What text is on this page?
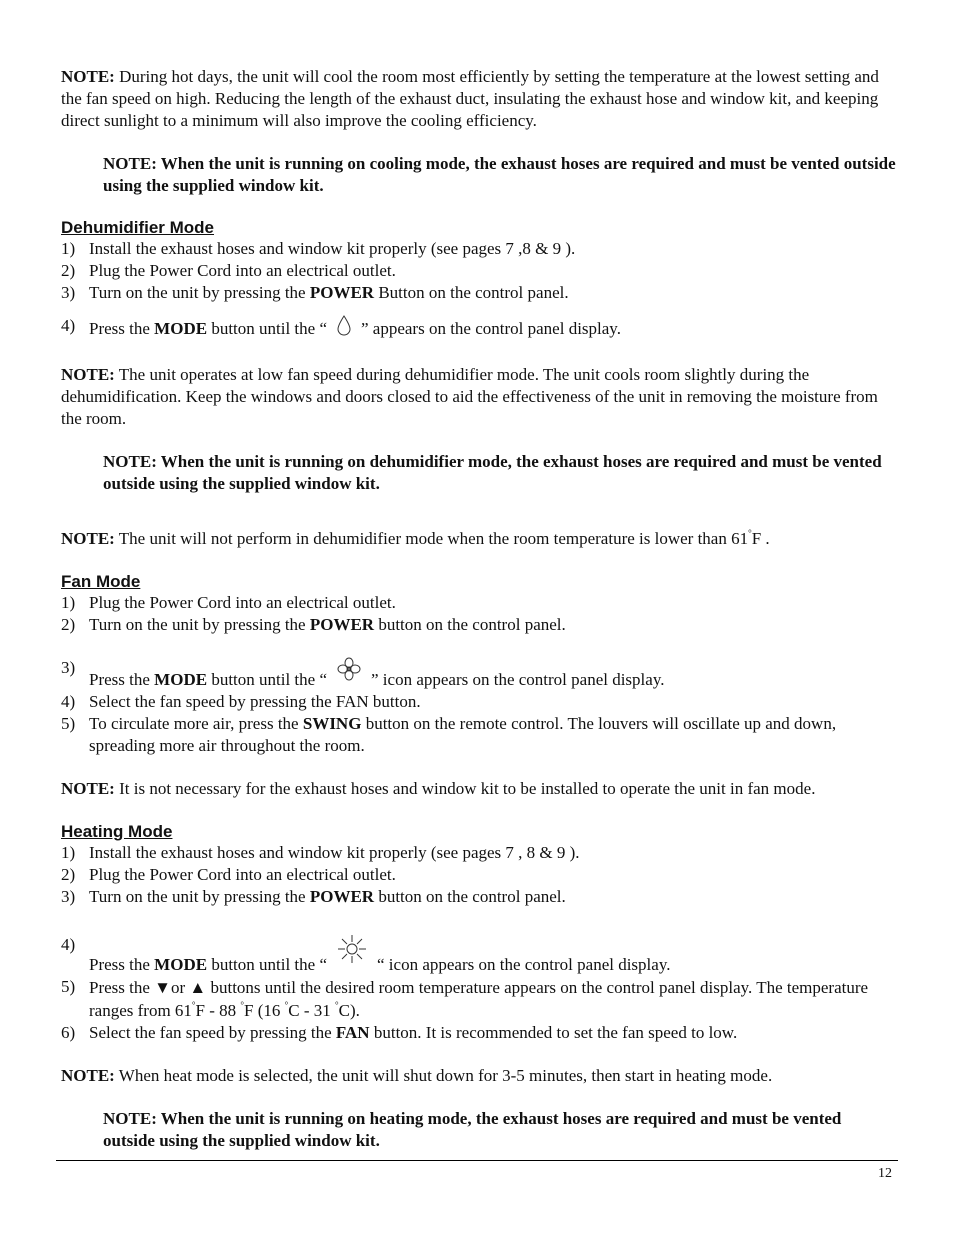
NOTE: During hot days, the unit will cool the room most efficiently by setting the temperature at the lowest setting and the fan speed on high. Reducing the length of the exhaust duct, insulating the exhaust hose and window kit, and keeping direct sunlight to a minimum will also improve the cooling efficiency.

NOTE: When the unit is running on cooling mode, the exhaust hoses are required and must be vented outside using the supplied window kit.

Dehumidifier Mode

1) Install the exhaust hoses and window kit properly (see pages 7 ,8 & 9 ).
2) Plug the Power Cord into an electrical outlet.
3) Turn on the unit by pressing the POWER Button on the control panel.
4) Press the MODE button until the “ ” appears on the control panel display.

NOTE: The unit operates at low fan speed during dehumidifier mode. The unit cools room slightly during the dehumidification. Keep the windows and doors closed to aid the effectiveness of the unit in removing the moisture from the room.

NOTE: When the unit is running on dehumidifier mode, the exhaust hoses are required and must be vented outside using the supplied window kit.

NOTE: The unit will not perform in dehumidifier mode when the room temperature is lower than 61°F .

Fan Mode

1) Plug the Power Cord into an electrical outlet.
2) Turn on the unit by pressing the POWER button on the control panel.
3)
Press the MODE button until the “	” icon appears on the control panel display.
4) Select the fan speed by pressing the FAN button.
5) To circulate more air, press the SWING button on the remote control. The louvers will oscillate up and down, spreading more air throughout the room.

NOTE: It is not necessary for the exhaust hoses and window kit to be installed to operate the unit in fan mode.

Heating Mode

1) Install the exhaust hoses and window kit properly (see pages 7 , 8 & 9 ).
2) Plug the Power Cord into an electrical outlet.
3) Turn on the unit by pressing the POWER button on the control panel.
4)
Press the MODE button until the “	“ icon appears on the control panel display.
5) Press the ▼or ▲ buttons until the desired room temperature appears on the control panel display. The temperature ranges from 61°F - 88 °F (16 °C - 31 °C).
6) Select the fan speed by pressing the FAN button. It is recommended to set the fan speed to low.

NOTE: When heat mode is selected, the unit will shut down for 3-5 minutes, then start in heating mode.

NOTE: When the unit is running on heating mode, the exhaust hoses are required and must be vented outside using the supplied window kit.

12
